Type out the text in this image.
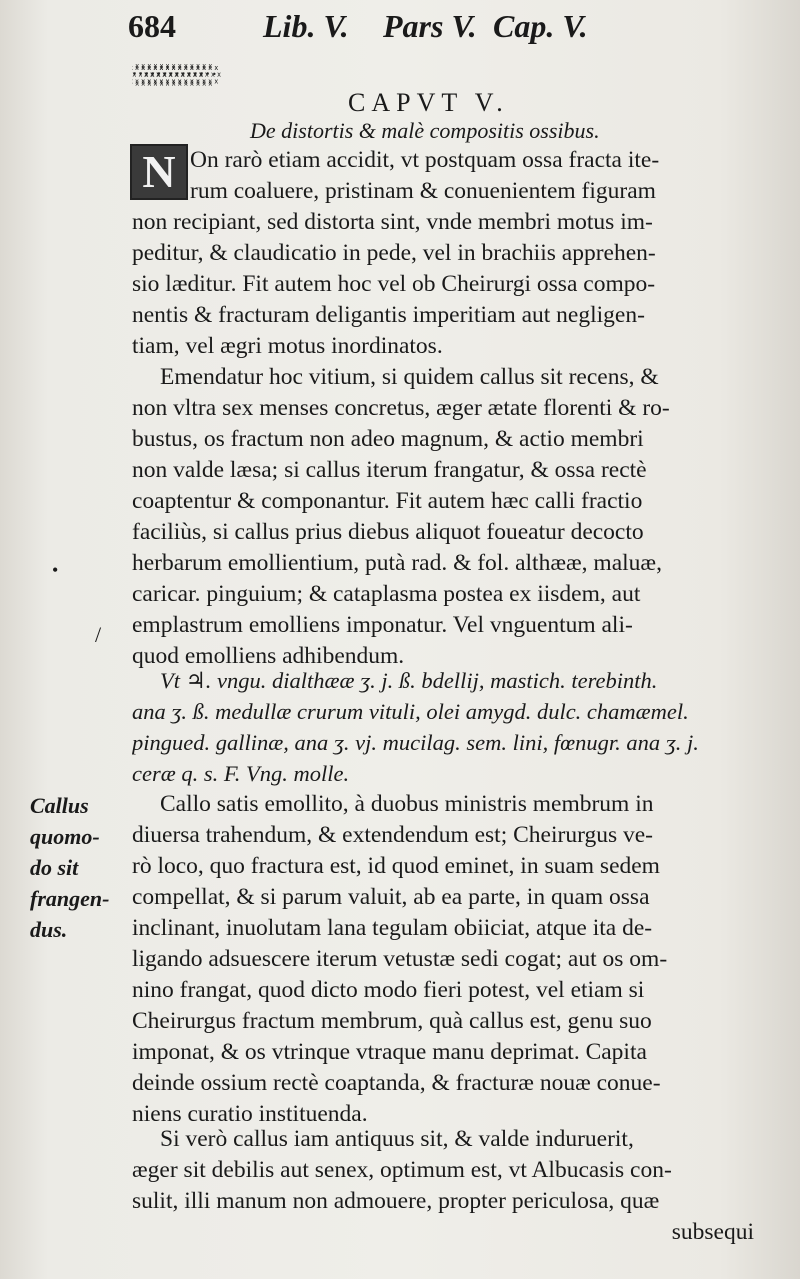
684	Lib. V. Pars V. Cap. V.
·꙰꙰·꙰꙰·꙰꙰·꙰꙰·꙰꙰·꙰꙰·꙰꙰·꙰꙰·꙰꙰·꙰꙰·꙰꙰·꙰꙰·꙰꙰·
CAPVT V.
De distortis & malè compositis ossibus.
N On rarò etiam accidit, vt postquam ossa fracta ite-
rum coaluere, pristinam & conuenientem figuram
non recipiant, sed distorta sint, vnde membri motus im-
peditur, & claudicatio in pede, vel in brachiis apprehen-
sio læditur. Fit autem hoc vel ob Cheirurgi ossa compo-
nentis & fracturam deligantis imperitiam aut negligen-
tiam, vel ægri motus inordinatos.
Emendatur hoc vitium, si quidem callus sit recens, &
non vltra sex menses concretus, æger ætate florenti & ro-
bustus, os fractum non adeo magnum, & actio membri
non valde læsa; si callus iterum frangatur, & ossa rectè
coaptentur & componantur. Fit autem hæc calli fractio
faciliùs, si callus prius diebus aliquot foueatur decocto
herbarum emollientium, putà rad. & fol. althææ, maluæ,
caricar. pinguium; & cataplasma postea ex iisdem, aut
emplastrum emolliens imponatur. Vel vnguentum ali-
quod emolliens adhibendum.
Vt ♃. vngu. dialthææ ʒ. j. ß. bdellij, mastich. terebinth.
ana ʒ. ß. medullæ crurum vituli, olei amygd. dulc. chamæmel.
pingued. gallinæ, ana ʒ. vj. mucilag. sem. lini, fœnugr. ana ʒ. j.
ceræ q. s. F. Vng. molle.
Callo satis emollito, à duobus ministris membrum in
diuersa trahendum, & extendendum est; Cheirurgus ve-
rò loco, quo fractura est, id quod eminet, in suam sedem
compellat, & si parum valuit, ab ea parte, in quam ossa
inclinant, inuolutam lana tegulam obiiciat, atque ita de-
ligando adsuescere iterum vetustæ sedi cogat; aut os om-
nino frangat, quod dicto modo fieri potest, vel etiam si
Cheirurgus fractum membrum, quà callus est, genu suo
imponat, & os vtrinque vtraque manu deprimat. Capita
deinde ossium rectè coaptanda, & fracturæ nouæ conue-
niens curatio instituenda.
Si verò callus iam antiquus sit, & valde induruerit,
æger sit debilis aut senex, optimum est, vt Albucasis con-
sulit, illi manum non admouere, propter periculosa, quæ
subsequi
Callus
quomo-
do sit
frangen-
dus.
•
/
